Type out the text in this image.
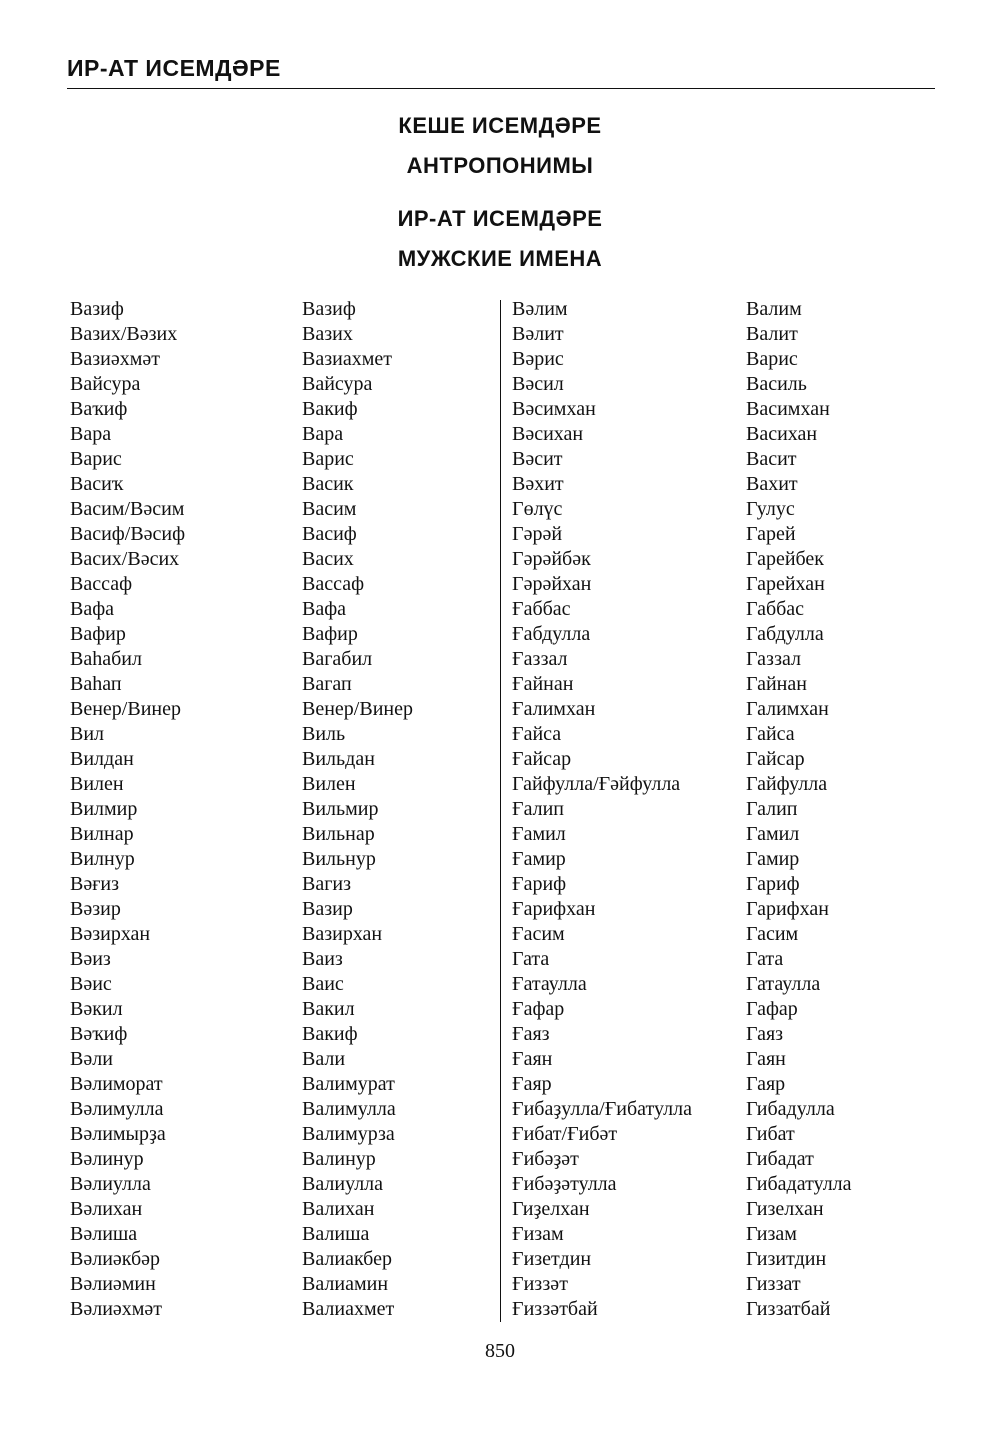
ИР-АТ ИСЕМДӘРЕ
КЕШЕ ИСЕМДӘРЕ
АНТРОПОНИМЫ
ИР-АТ ИСЕМДӘРЕ
МУЖСКИЕ ИМЕНА
Вазиф
Вазих/Вәзих
Вазиәхмәт
Вайсура
Ваҡиф
Вара
Варис
Васиҡ
Васим/Вәсим
Васиф/Вәсиф
Васих/Вәсих
Вассаф
Вафа
Вафир
Ваһабил
Ваһап
Венер/Винер
Вил
Вилдан
Вилен
Вилмир
Вилнар
Вилнур
Вәғиз
Вәзир
Вәзирхан
Вәиз
Вәис
Вәкил
Вәҡиф
Вәли
Вәлиморат
Вәлимулла
Вәлимырҙа
Вәлинур
Вәлиулла
Вәлихан
Вәлиша
Вәлиәкбәр
Вәлиәмин
Вәлиәхмәт
Вазиф
Вазих
Вазиахмет
Вайсура
Вакиф
Вара
Варис
Васик
Васим
Васиф
Васих
Вассаф
Вафа
Вафир
Вагабил
Вагап
Венер/Винер
Виль
Вильдан
Вилен
Вильмир
Вильнар
Вильнур
Вагиз
Вазир
Вазирхан
Ваиз
Ваис
Вакил
Вакиф
Вали
Валимурат
Валимулла
Валимурза
Валинур
Валиулла
Валихан
Валиша
Валиакбер
Валиамин
Валиахмет
Вәлим
Вәлит
Вәрис
Вәсил
Вәсимхан
Вәсихан
Вәсит
Вәхит
Гөлүс
Гәрәй
Гәрәйбәк
Гәрәйхан
Ғаббас
Ғабдулла
Ғаззал
Ғайнан
Ғалимхан
Ғайса
Ғайсар
Гайфулла/Ғәйфулла
Ғалип
Ғамил
Ғамир
Ғариф
Ғарифхан
Ғасим
Гата
Ғатаулла
Ғафар
Ғаяз
Ғаян
Ғаяр
Ғибаҙулла/Ғибатулла
Ғибат/Ғибәт
Ғибәҙәт
Ғибәҙәтулла
Гиҙелхан
Ғизам
Ғизетдин
Ғиззәт
Ғиззәтбай
Валим
Валит
Варис
Василь
Васимхан
Васихан
Васит
Вахит
Гулус
Гарей
Гарейбек
Гарейхан
Габбас
Габдулла
Газзал
Гайнан
Галимхан
Гайса
Гайсар
Гайфулла
Галип
Гамил
Гамир
Гариф
Гарифхан
Гасим
Гата
Гатаулла
Гафар
Гаяз
Гаян
Гаяр
Гибадулла
Гибат
Гибадат
Гибадатулла
Гизелхан
Гизам
Гизитдин
Гиззат
Гиззатбай
850
